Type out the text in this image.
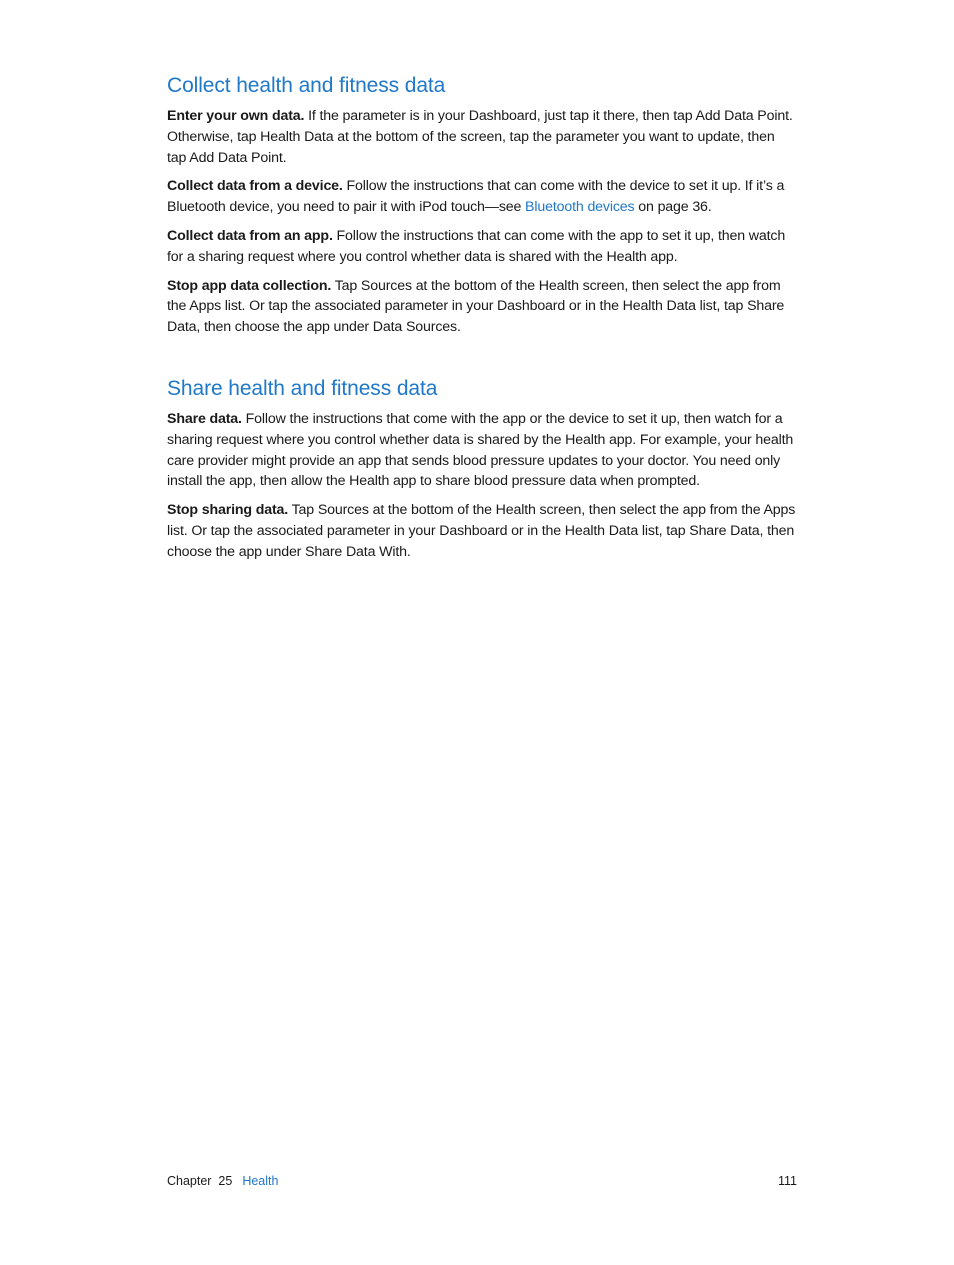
Collect health and fitness data

Enter your own data. If the parameter is in your Dashboard, just tap it there, then tap Add Data Point. Otherwise, tap Health Data at the bottom of the screen, tap the parameter you want to update, then tap Add Data Point.

Collect data from a device. Follow the instructions that can come with the device to set it up. If it’s a Bluetooth device, you need to pair it with iPod touch—see Bluetooth devices on page 36.

Collect data from an app. Follow the instructions that can come with the app to set it up, then watch for a sharing request where you control whether data is shared with the Health app.

Stop app data collection. Tap Sources at the bottom of the Health screen, then select the app from the Apps list. Or tap the associated parameter in your Dashboard or in the Health Data list, tap Share Data, then choose the app under Data Sources.

Share health and fitness data

Share data. Follow the instructions that come with the app or the device to set it up, then watch for a sharing request where you control whether data is shared by the Health app. For example, your health care provider might provide an app that sends blood pressure updates to your doctor. You need only install the app, then allow the Health app to share blood pressure data when prompted.

Stop sharing data. Tap Sources at the bottom of the Health screen, then select the app from the Apps list. Or tap the associated parameter in your Dashboard or in the Health Data list, tap Share Data, then choose the app under Share Data With.

Chapter  25 Health	111
